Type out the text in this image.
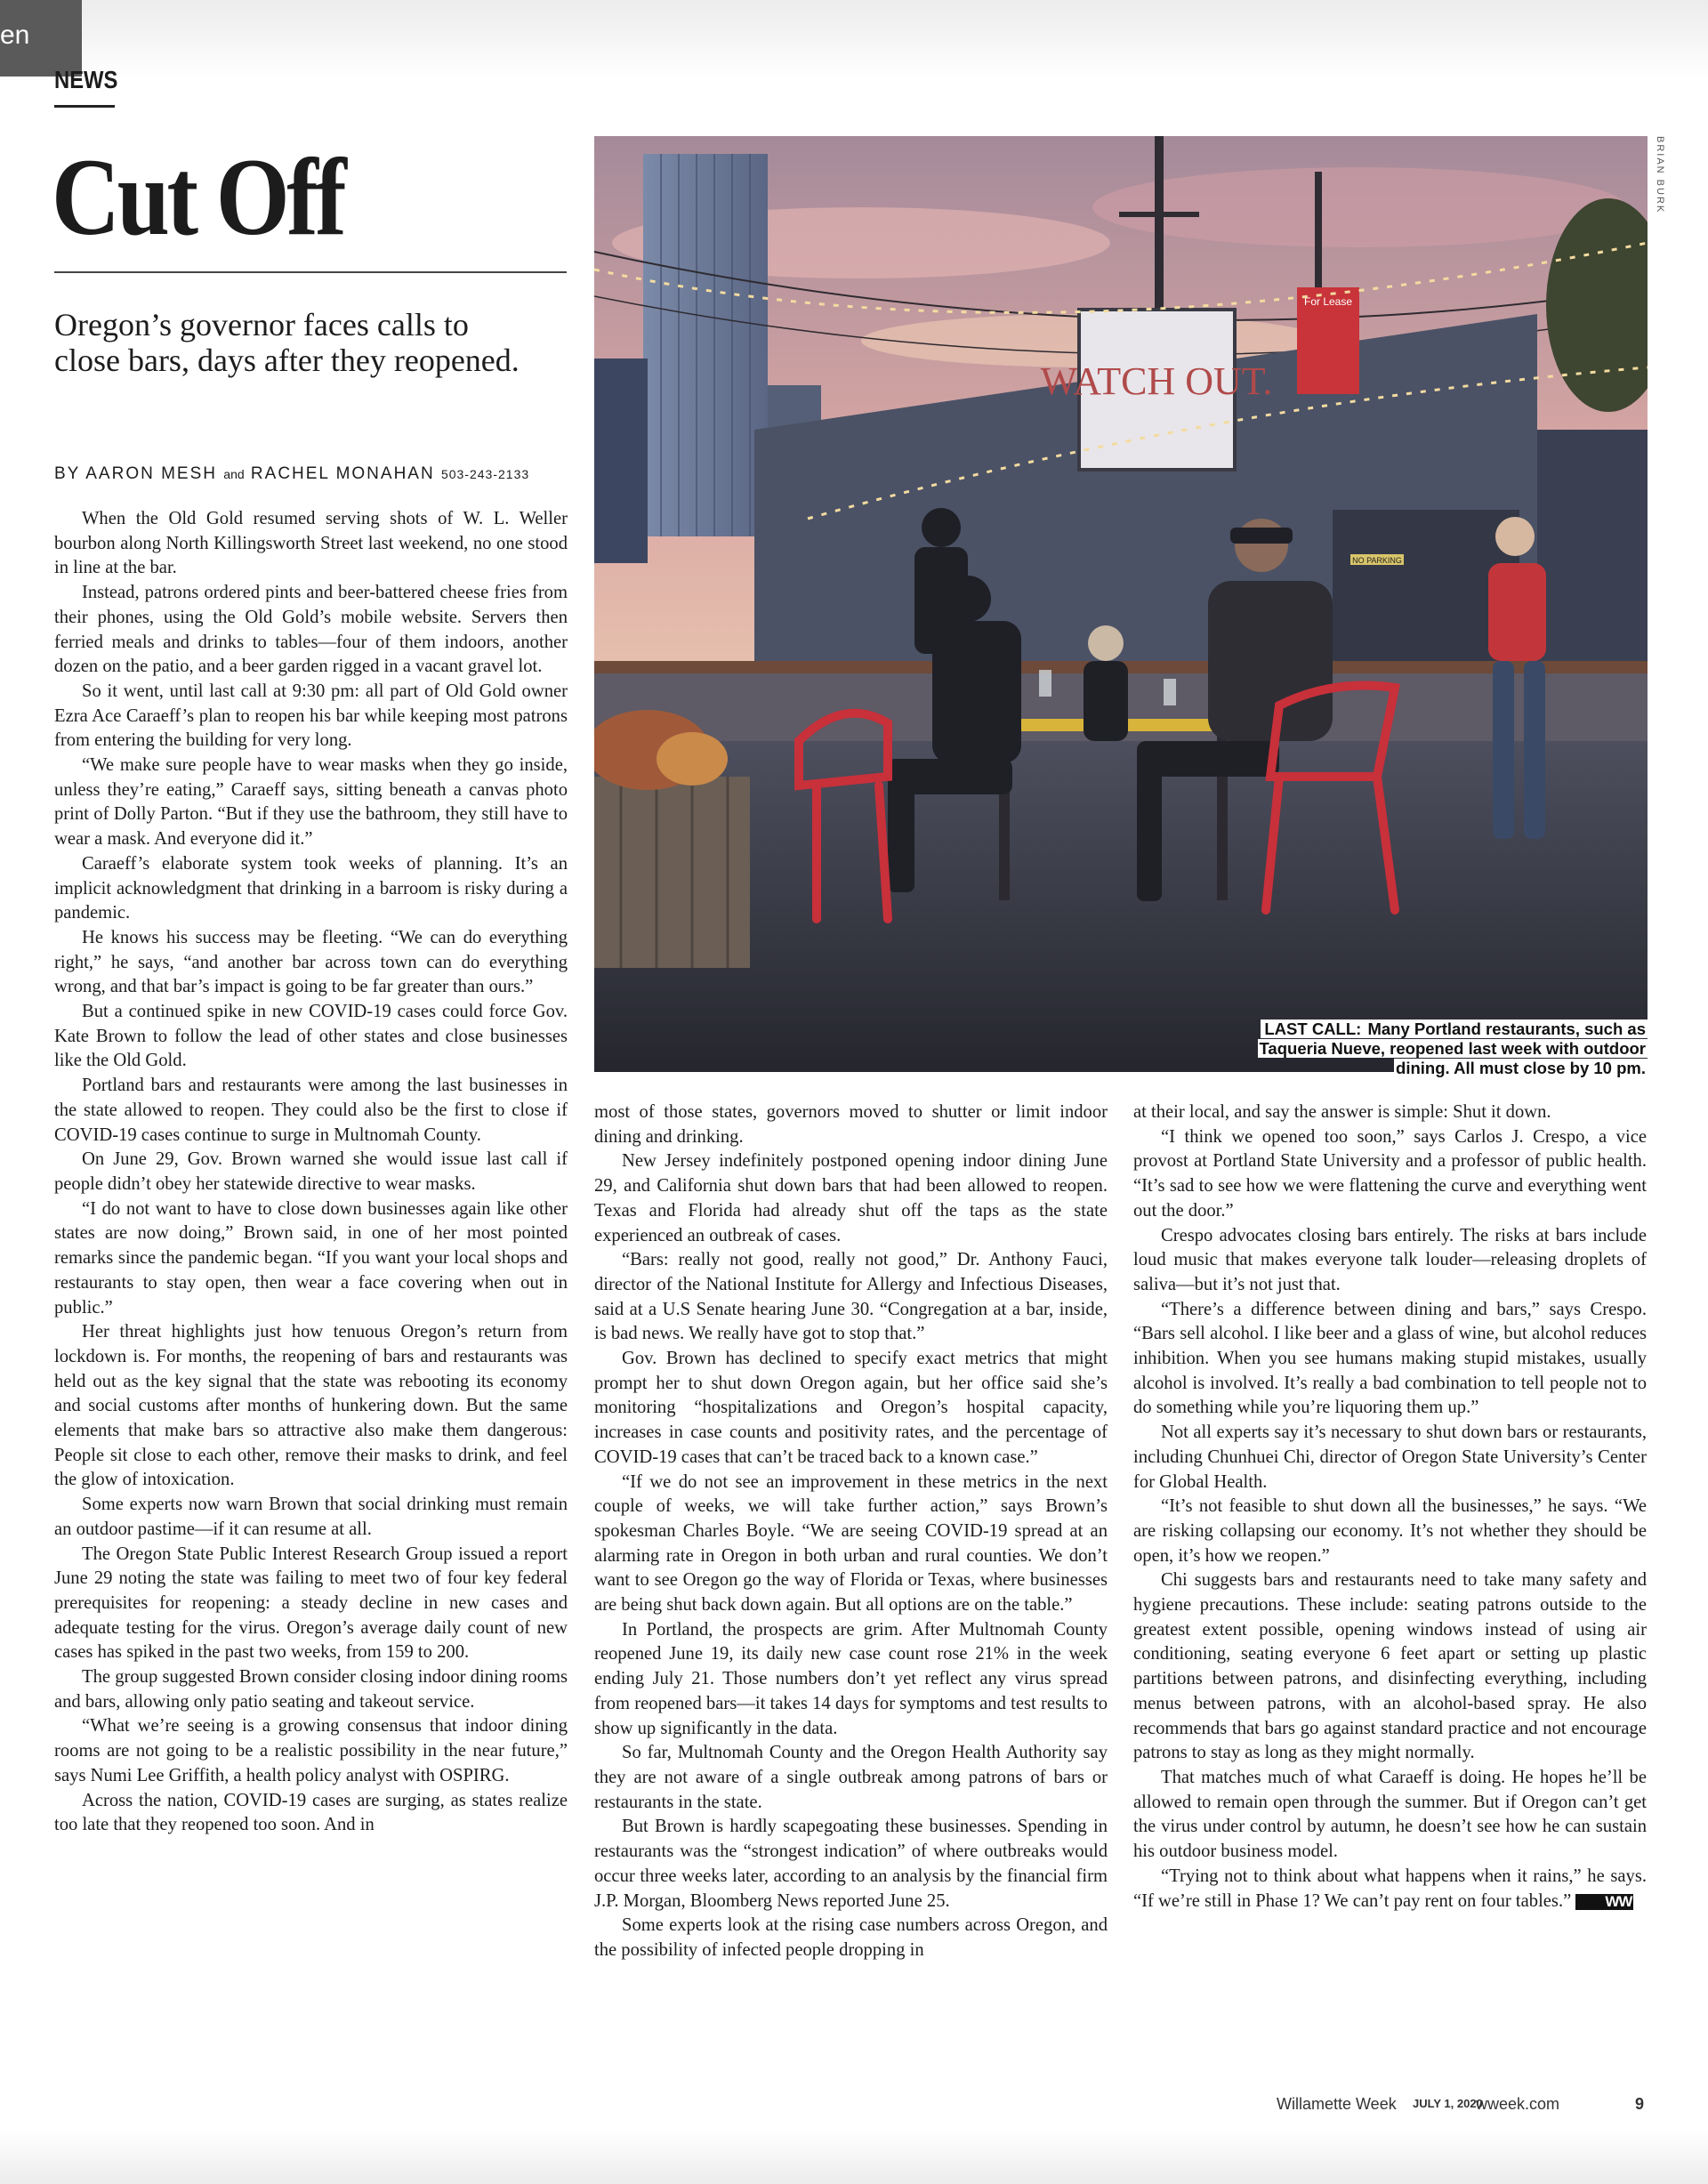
en
NEWS
Cut Off
Oregon’s governor faces calls to close bars, days after they reopened.
BY AARON MESH and RACHEL MONAHAN 503-243-2133

When the Old Gold resumed serving shots of W. L. Weller bourbon along North Killingsworth Street last weekend, no one stood in line at the bar.

Instead, patrons ordered pints and beer-battered cheese fries from their phones, using the Old Gold’s mobile website. Servers then ferried meals and drinks to tables—four of them indoors, another dozen on the patio, and a beer garden rigged in a vacant gravel lot.

So it went, until last call at 9:30 pm: all part of Old Gold owner Ezra Ace Caraeff’s plan to reopen his bar while keeping most patrons from entering the building for very long.

“We make sure people have to wear masks when they go inside, unless they’re eating,” Caraeff says, sitting beneath a canvas photo print of Dolly Parton. “But if they use the bathroom, they still have to wear a mask. And everyone did it.”

Caraeff’s elaborate system took weeks of planning. It’s an implicit acknowledgment that drinking in a barroom is risky during a pandemic.

He knows his success may be fleeting. “We can do everything right,” he says, “and another bar across town can do everything wrong, and that bar’s impact is going to be far greater than ours.”

But a continued spike in new COVID-19 cases could force Gov. Kate Brown to follow the lead of other states and close businesses like the Old Gold.

Portland bars and restaurants were among the last businesses in the state allowed to reopen. They could also be the first to close if COVID-19 cases continue to surge in Multnomah County.

On June 29, Gov. Brown warned she would issue last call if people didn’t obey her statewide directive to wear masks.

“I do not want to have to close down businesses again like other states are now doing,” Brown said, in one of her most pointed remarks since the pandemic began. “If you want your local shops and restaurants to stay open, then wear a face covering when out in public.”

Her threat highlights just how tenuous Oregon’s return from lockdown is. For months, the reopening of bars and restaurants was held out as the key signal that the state was rebooting its economy and social customs after months of hunkering down. But the same elements that make bars so attractive also make them dangerous: People sit close to each other, remove their masks to drink, and feel the glow of intoxication.

Some experts now warn Brown that social drinking must remain an outdoor pastime—if it can resume at all.

The Oregon State Public Interest Research Group issued a report June 29 noting the state was failing to meet two of four key federal prerequisites for reopening: a steady decline in new cases and adequate testing for the virus. Oregon’s average daily count of new cases has spiked in the past two weeks, from 159 to 200.

The group suggested Brown consider closing indoor dining rooms and bars, allowing only patio seating and takeout service.

“What we’re seeing is a growing consensus that indoor dining rooms are not going to be a realistic possibility in the near future,” says Numi Lee Griffith, a health policy analyst with OSPIRG.

Across the nation, COVID-19 cases are surging, as states realize too late that they reopened too soon. And in

WATCH OUT.
For Lease
NO PARKING
BRIAN BURK
LAST CALL: Many Portland restaurants, such as Taqueria Nueve, reopened last week with outdoor dining. All must close by 10 pm.

most of those states, governors moved to shutter or limit indoor dining and drinking.

New Jersey indefinitely postponed opening indoor dining June 29, and California shut down bars that had been allowed to reopen. Texas and Florida had already shut off the taps as the state experienced an outbreak of cases.

“Bars: really not good, really not good,” Dr. Anthony Fauci, director of the National Institute for Allergy and Infectious Diseases, said at a U.S Senate hearing June 30. “Congregation at a bar, inside, is bad news. We really have got to stop that.”

Gov. Brown has declined to specify exact metrics that might prompt her to shut down Oregon again, but her office said she’s monitoring “hospitalizations and Oregon’s hospital capacity, increases in case counts and positivity rates, and the percentage of COVID-19 cases that can’t be traced back to a known case.”

“If we do not see an improvement in these metrics in the next couple of weeks, we will take further action,” says Brown’s spokesman Charles Boyle. “We are seeing COVID-19 spread at an alarming rate in Oregon in both urban and rural counties. We don’t want to see Oregon go the way of Florida or Texas, where businesses are being shut back down again. But all options are on the table.”

In Portland, the prospects are grim. After Multnomah County reopened June 19, its daily new case count rose 21% in the week ending July 21. Those numbers don’t yet reflect any virus spread from reopened bars—it takes 14 days for symptoms and test results to show up significantly in the data.

So far, Multnomah County and the Oregon Health Authority say they are not aware of a single outbreak among patrons of bars or restaurants in the state.

But Brown is hardly scapegoating these businesses. Spending in restaurants was the “strongest indication” of where outbreaks would occur three weeks later, according to an analysis by the financial firm J.P. Morgan, Bloomberg News reported June 25.

Some experts look at the rising case numbers across Oregon, and the possibility of infected people dropping in

at their local, and say the answer is simple: Shut it down.

“I think we opened too soon,” says Carlos J. Crespo, a vice provost at Portland State University and a professor of public health. “It’s sad to see how we were flattening the curve and everything went out the door.”

Crespo advocates closing bars entirely. The risks at bars include loud music that makes everyone talk louder—releasing droplets of saliva—but it’s not just that.

“There’s a difference between dining and bars,” says Crespo. “Bars sell alcohol. I like beer and a glass of wine, but alcohol reduces inhibition. When you see humans making stupid mistakes, usually alcohol is involved. It’s really a bad combination to tell people not to do something while you’re liquoring them up.”

Not all experts say it’s necessary to shut down bars or restaurants, including Chunhuei Chi, director of Oregon State University’s Center for Global Health.

“It’s not feasible to shut down all the businesses,” he says. “We are risking collapsing our economy. It’s not whether they should be open, it’s how we reopen.”

Chi suggests bars and restaurants need to take many safety and hygiene precautions. These include: seating patrons outside to the greatest extent possible, opening windows instead of using air conditioning, seating everyone 6 feet apart or setting up plastic partitions between patrons, and disinfecting everything, including menus between patrons, with an alcohol-based spray. He also recommends that bars go against standard practice and not encourage patrons to stay as long as they might normally.

That matches much of what Caraeff is doing. He hopes he’ll be allowed to remain open through the summer. But if Oregon can’t get the virus under control by autumn, he doesn’t see how he can sustain his outdoor business model.

“Trying not to think about what happens when it rains,” he says. “If we’re still in Phase 1? We can’t pay rent on four tables.” WW

Willamette Week JULY 1, 2020
wweek.com	9
